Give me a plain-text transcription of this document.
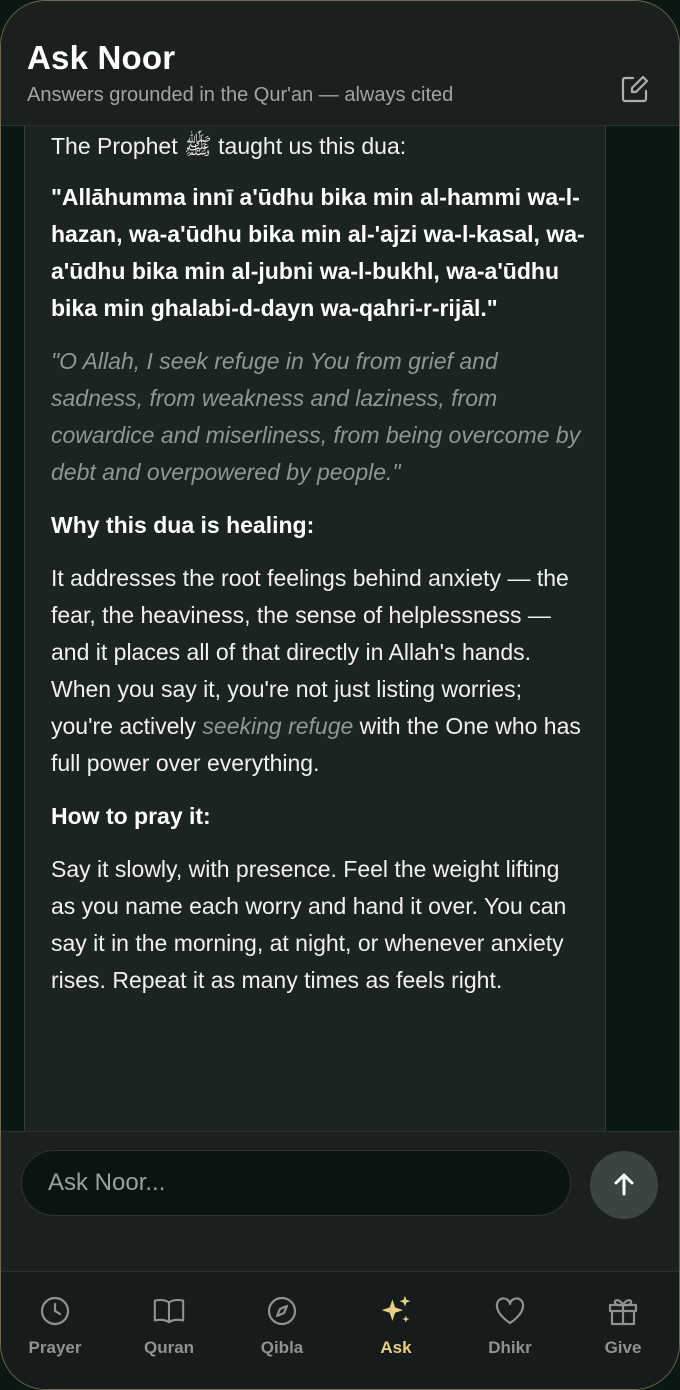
Ask Noor
Answers grounded in the Qur'an — always cited

The Prophet ﷺ taught us this dua:

"Allāhumma innī a'ūdhu bika min al-hammi wa-l-hazan, wa-a'ūdhu bika min al-'ajzi wa-l-kasal, wa-a'ūdhu bika min al-jubni wa-l-bukhl, wa-a'ūdhu bika min ghalabi-d-dayn wa-qahri-r-rijāl."

"O Allah, I seek refuge in You from grief and sadness, from weakness and laziness, from cowardice and miserliness, from being overcome by debt and overpowered by people."

Why this dua is healing:

It addresses the root feelings behind anxiety — the fear, the heaviness, the sense of helplessness — and it places all of that directly in Allah's hands. When you say it, you're not just listing worries; you're actively seeking refuge with the One who has full power over everything.

How to pray it:

Say it slowly, with presence. Feel the weight lifting as you name each worry and hand it over. You can say it in the morning, at night, or whenever anxiety rises. Repeat it as many times as feels right.

Ask Noor...
Prayer	Quran	Qibla	Ask	Dhikr	Give
